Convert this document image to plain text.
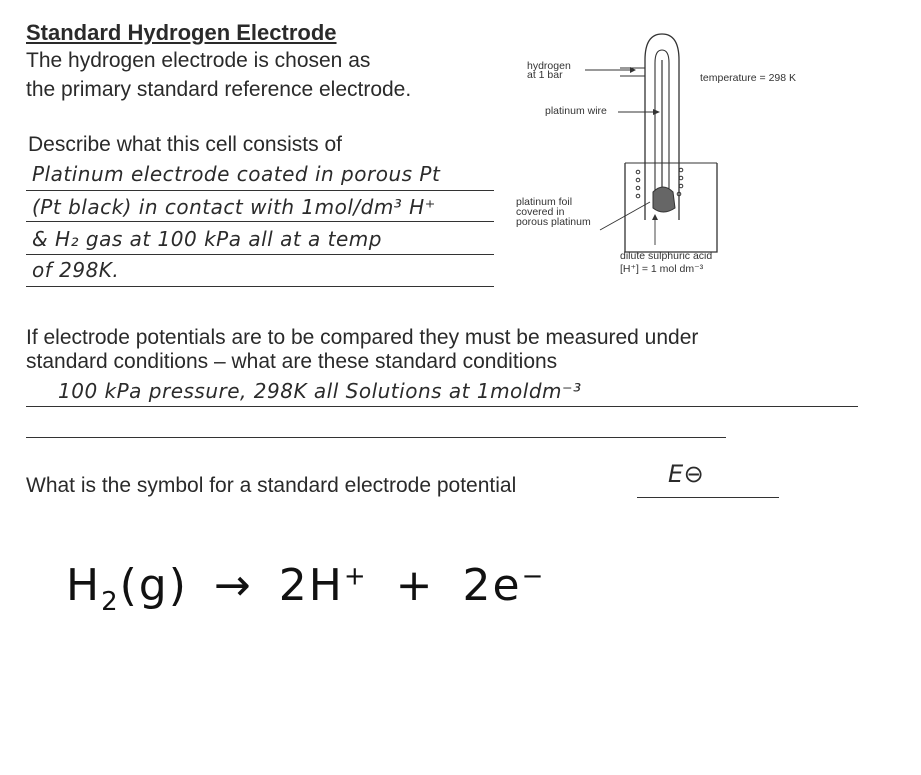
Standard Hydrogen Electrode
The hydrogen electrode is chosen as
the primary standard reference electrode.
Describe what this cell consists of
Platinum electrode coated in porous Pt
(Pt black) in contact with 1mol/dm³ H⁺
& H₂ gas at 100 kPa all at a temp
of 298K.
hydrogen
at 1 bar	temperature = 298 K
platinum wire
platinum foil
covered in
porous platinum
dilute sulphuric acid
[H⁺] = 1 mol dm⁻³
If electrode potentials are to be compared they must be measured under
standard conditions – what are these standard conditions
100 kPa pressure, 298K all Solutions at 1moldm⁻³
What is the symbol for a standard electrode potential	E⊖
$H_2(g) \to 2H^+ + 2e^-$
